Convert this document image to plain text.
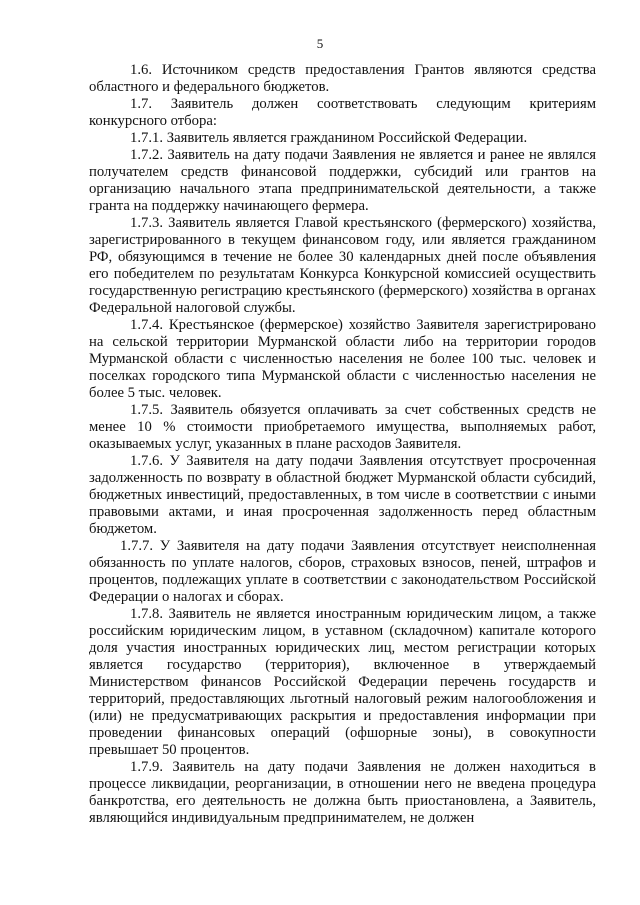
5

1.6. Источником средств предоставления Грантов являются средства областного и федерального бюджетов.

1.7. Заявитель должен соответствовать следующим критериям конкурсного отбора:

1.7.1. Заявитель является гражданином Российской Федерации.

1.7.2. Заявитель на дату подачи Заявления не является и ранее не являлся получателем средств финансовой поддержки, субсидий или грантов на организацию начального этапа предпринимательской деятельности, а также гранта на поддержку начинающего фермера.

1.7.3. Заявитель является Главой крестьянского (фермерского) хозяйства, зарегистрированного в текущем финансовом году, или является гражданином РФ, обязующимся в течение не более 30 календарных дней после объявления его победителем по результатам Конкурса Конкурсной комиссией осуществить государственную регистрацию крестьянского (фермерского) хозяйства в органах Федеральной налоговой службы.

1.7.4. Крестьянское (фермерское) хозяйство Заявителя зарегистрировано на сельской территории Мурманской области либо на территории городов Мурманской области с численностью населения не более 100 тыс. человек и поселках городского типа Мурманской области с численностью населения не более 5 тыс. человек.

1.7.5. Заявитель обязуется оплачивать за счет собственных средств не менее 10 % стоимости приобретаемого имущества, выполняемых работ, оказываемых услуг, указанных в плане расходов Заявителя.

1.7.6. У Заявителя на дату подачи Заявления отсутствует просроченная задолженность по возврату в областной бюджет Мурманской области субсидий, бюджетных инвестиций, предоставленных, в том числе в соответствии с иными правовыми актами, и иная просроченная задолженность перед областным бюджетом.

1.7.7. У Заявителя на дату подачи Заявления отсутствует неисполненная обязанность по уплате налогов, сборов, страховых взносов, пеней, штрафов и процентов, подлежащих уплате в соответствии с законодательством Российской Федерации о налогах и сборах.

1.7.8. Заявитель не является иностранным юридическим лицом, а также российским юридическим лицом, в уставном (складочном) капитале которого доля участия иностранных юридических лиц, местом регистрации которых является государство (территория), включенное в утверждаемый Министерством финансов Российской Федерации перечень государств и территорий, предоставляющих льготный налоговый режим налогообложения и (или) не предусматривающих раскрытия и предоставления информации при проведении финансовых операций (офшорные зоны), в совокупности превышает 50 процентов.

1.7.9. Заявитель на дату подачи Заявления не должен находиться в процессе ликвидации, реорганизации, в отношении него не введена процедура банкротства, его деятельность не должна быть приостановлена, а Заявитель, являющийся индивидуальным предпринимателем, не должен
